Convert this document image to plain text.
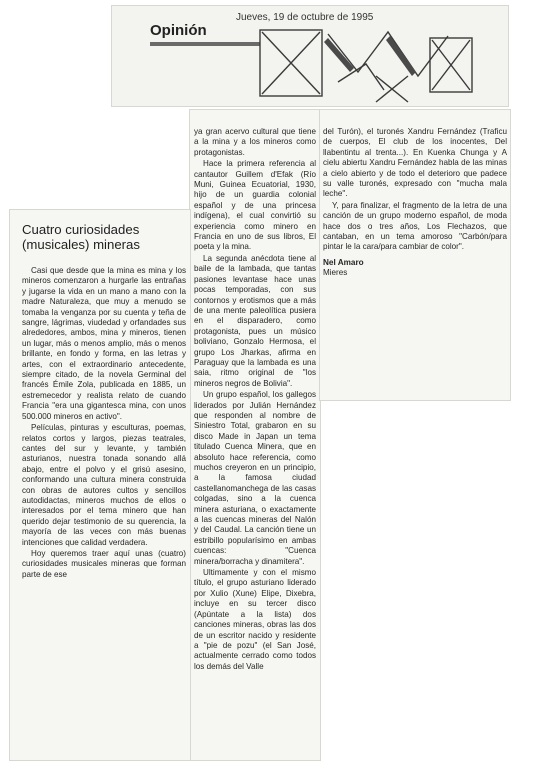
Opinión
Jueves, 19 de octubre de 1995
Cuatro curiosidades
(musicales) mineras

Casi que desde que la mina es mina y los mineros comenzaron a hurgarle las entrañas y jugarse la vida en un mano a mano con la madre Naturaleza, que muy a menudo se tomaba la venganza por su cuenta y teña de sangre, lágrimas, viudedad y orfandades sus alrededores, ambos, mina y mineros, tienen un lugar, más o menos amplio, más o menos brillante, en fondo y forma, en las letras y artes, con el extraordinario antecedente, siempre citado, de la novela Germinal del francés Émile Zola, publicada en 1885, un estremecedor y realista relato de cuando Francia "era una gigantesca mina, con unos 500.000 mineros en activo".

Películas, pinturas y esculturas, poemas, relatos cortos y largos, piezas teatrales, cantes del sur y levante, y también asturianos, nuestra tonada sonando allá abajo, entre el polvo y el grisú asesino, conformando una cultura minera construida con obras de autores cultos y sencillos autodidactas, mineros muchos de ellos o interesados por el tema minero que han querido dejar testimonio de su querencia, la mayoría de las veces con más buenas intenciones que calidad verdadera.

Hoy queremos traer aquí unas (cuatro) curiosidades musicales mineras que forman parte de ese

ya gran acervo cultural que tiene a la mina y a los mineros como protagonistas.

Hace la primera referencia al cantautor Guillem d'Efak (Río Muni, Guinea Ecuatorial, 1930, hijo de un guardia colonial español y de una princesa indígena), el cual convirtió su experiencia como minero en Francia en uno de sus libros, El poeta y la mina.

La segunda anécdota tiene al baile de la lambada, que tantas pasiones levantase hace unas pocas temporadas, con sus contornos y erotismos que a más de una mente paleolítica pusiera en el disparadero, como protagonista, pues un músico boliviano, Gonzalo Hermosa, el grupo Los Jharkas, afirma en Paraguay que la lambada es una saia, ritmo original de "los mineros negros de Bolivia".

Un grupo español, los gallegos liderados por Julián Hernández que responden al nombre de Siniestro Total, grabaron en su disco Made in Japan un tema titulado Cuenca Minera, que en absoluto hace referencia, como muchos creyeron en un principio, a la famosa ciudad castellanomanchega de las casas colgadas, sino a la cuenca minera asturiana, o exactamente a las cuencas mineras del Nalón y del Caudal. La canción tiene un estribillo popularísimo en ambas cuencas: "Cuenca minera/borracha y dinamitera".

Ultimamente y con el mismo título, el grupo asturiano liderado por Xulio (Xune) Elipe, Dixebra, incluye en su tercer disco (Apúntate a la lista) dos canciones mineras, obras las dos de un escritor nacido y residente a "pie de pozu" (el San José, actualmente cerrado como todos los demás del Valle

del Turón), el turonés Xandru Fernández (Traficu de cuerpos, El club de los inocentes, Del llabentintu al trenta...). En Kuenka Chunga y A cielu abiertu Xandru Fernández habla de las minas a cielo abierto y de todo el deterioro que padece su valle turonés, expresado con "mucha mala leche".

Y, para finalizar, el fragmento de la letra de una canción de un grupo moderno español, de moda hace dos o tres años, Los Flechazos, que cantaban, en un tema amoroso "Carbón/para pintar le la cara/para cambiar de color".

Nel Amaro
Mieres
